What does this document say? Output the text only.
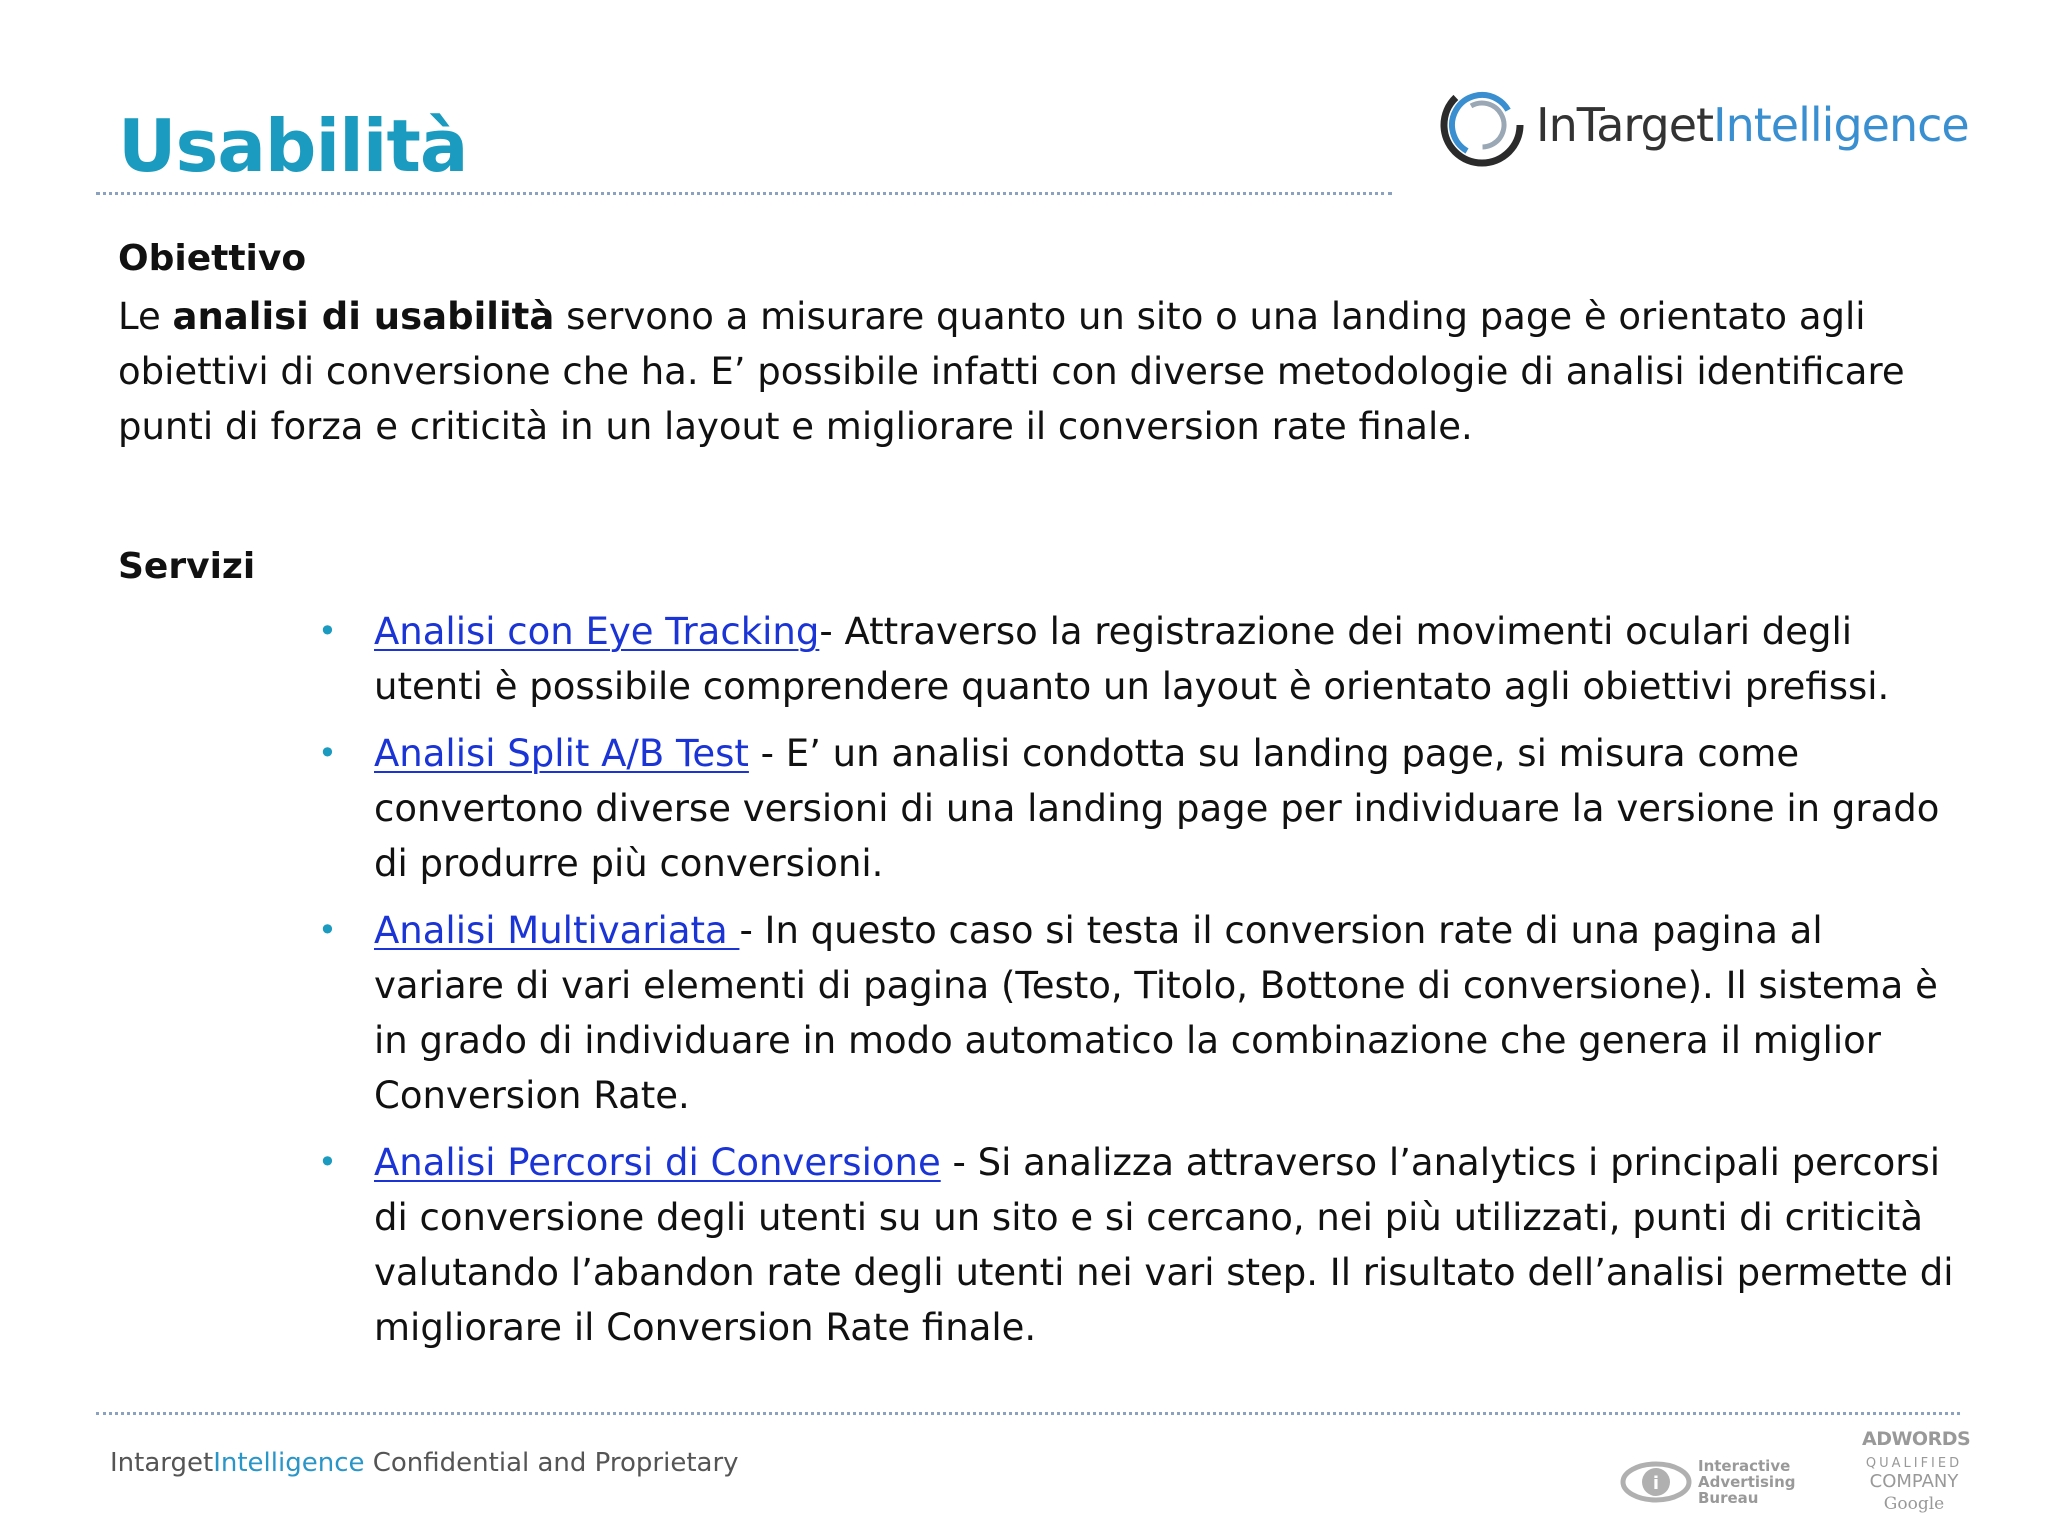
Usabilità	InTargetIntelligence

Obiettivo

Le analisi di usabilità servono a misurare quanto un sito o una landing page è orientato agli obiettivi di conversione che ha. E’ possibile infatti con diverse metodologie di analisi identificare punti di forza e criticità in un layout e migliorare il conversion rate finale.

Servizi
• Analisi con Eye Tracking- Attraverso la registrazione dei movimenti oculari degli utenti è possibile comprendere quanto un layout è orientato agli obiettivi prefissi.
• Analisi Split A/B Test - E’ un analisi condotta su landing page, si misura come convertono diverse versioni di una landing page per individuare la versione in grado di produrre più conversioni.
• Analisi Multivariata - In questo caso si testa il conversion rate di una pagina al variare di vari elementi di pagina (Testo, Titolo, Bottone di conversione). Il sistema è in grado di individuare in modo automatico la combinazione che genera il miglior Conversion Rate.
• Analisi Percorsi di Conversione - Si analizza attraverso l’analytics i principali percorsi di conversione degli utenti su un sito e si cercano, nei più utilizzati, punti di criticità valutando l’abandon rate degli utenti nei vari step. Il risultato dell’analisi permette di migliorare il Conversion Rate finale.
IntargetIntelligence Confidential and Proprietary
i
Interactive
Advertising
Bureau
ADWORDS
QUALIFIED
COMPANY
Google
